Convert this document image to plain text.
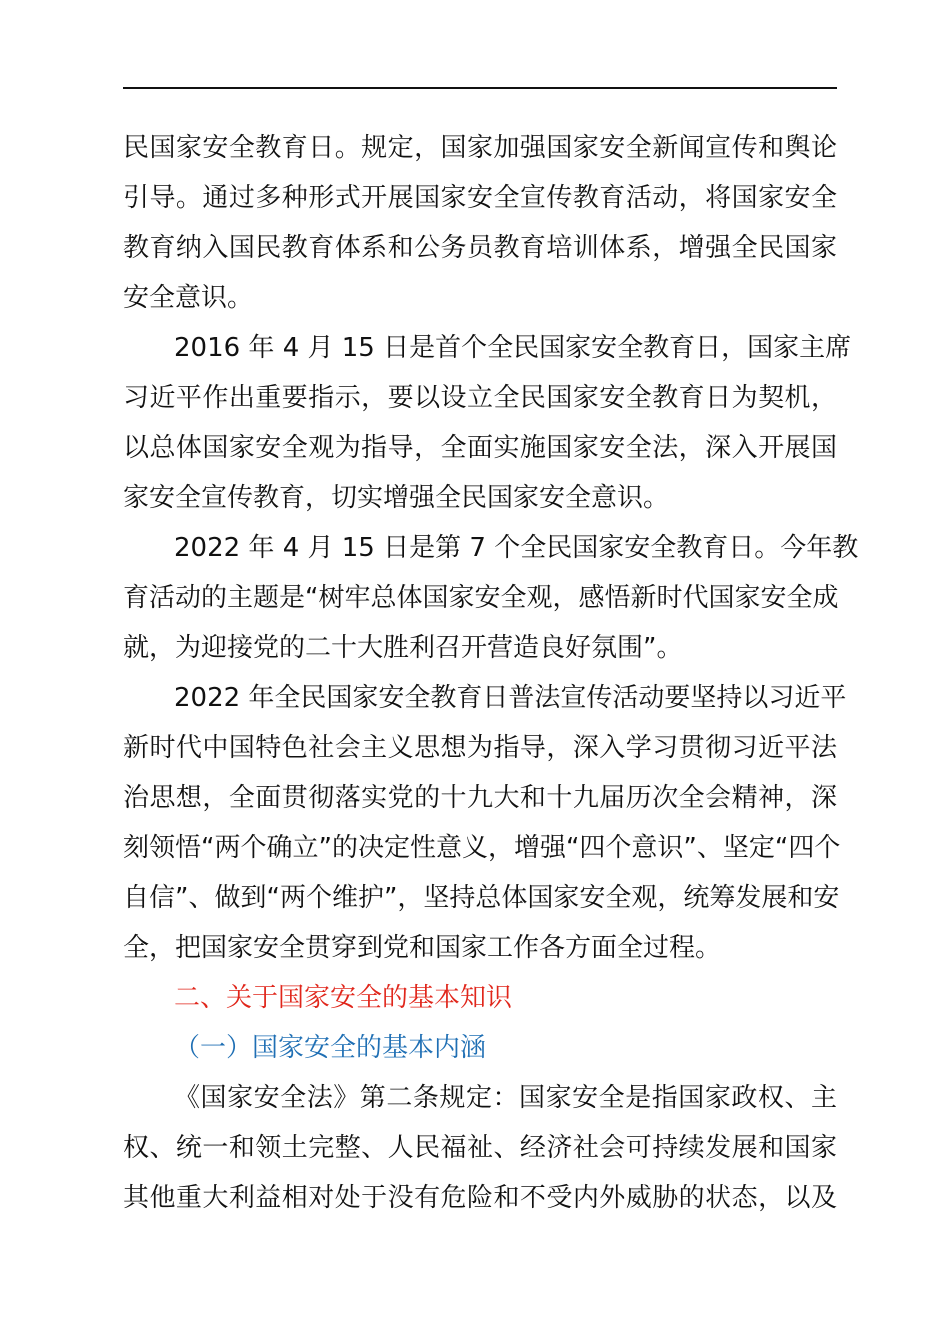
民国家安全教育日。规定，国家加强国家安全新闻宣传和舆论
引导。通过多种形式开展国家安全宣传教育活动，将国家安全
教育纳入国民教育体系和公务员教育培训体系，增强全民国家
安全意识。
2016 年 4 月 15 日是首个全民国家安全教育日，国家主席
习近平作出重要指示，要以设立全民国家安全教育日为契机，
以总体国家安全观为指导，全面实施国家安全法，深入开展国
家安全宣传教育，切实增强全民国家安全意识。
2022 年 4 月 15 日是第 7 个全民国家安全教育日。今年教
育活动的主题是“树牢总体国家安全观，感悟新时代国家安全成
就，为迎接党的二十大胜利召开营造良好氛围”。
2022 年全民国家安全教育日普法宣传活动要坚持以习近平
新时代中国特色社会主义思想为指导，深入学习贯彻习近平法
治思想，全面贯彻落实党的十九大和十九届历次全会精神，深
刻领悟“两个确立”的决定性意义，增强“四个意识”、坚定“四个
自信”、做到“两个维护”，坚持总体国家安全观，统筹发展和安
全，把国家安全贯穿到党和国家工作各方面全过程。
二、关于国家安全的基本知识
（一）国家安全的基本内涵
《国家安全法》第二条规定：国家安全是指国家政权、主
权、统一和领土完整、人民福祉、经济社会可持续发展和国家
其他重大利益相对处于没有危险和不受内外威胁的状态，以及
